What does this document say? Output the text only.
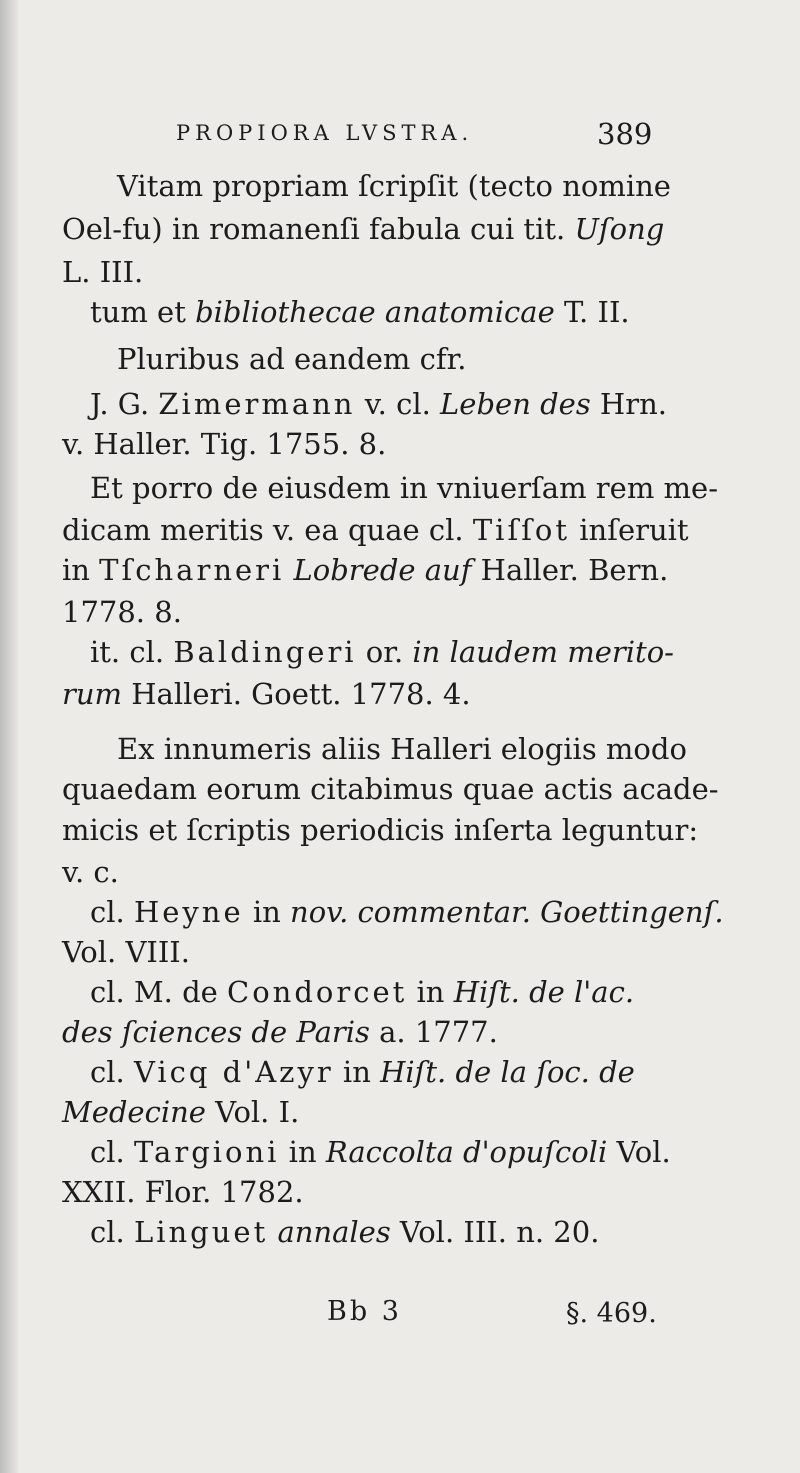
PROPIORA LVSTRA.	389
Vitam propriam ſcripſit (tecto nomine
Oel-fu) in romanenſi fabula cui tit. Uſong
L. III.
tum et bibliothecae anatomicae T. II.
Pluribus ad eandem cfr.
J. G. Zimermann v. cl. Leben des Hrn.
v. Haller. Tig. 1755. 8.
Et porro de eiusdem in vniuerſam rem me-
dicam meritis v. ea quae cl. Tiſſot inſeruit
in Tſcharneri Lobrede auf Haller. Bern.
1778. 8.
it. cl. Baldingeri or. in laudem merito-
rum Halleri. Goett. 1778. 4.
Ex innumeris aliis Halleri elogiis modo
quaedam eorum citabimus quae actis acade-
micis et ſcriptis periodicis inſerta leguntur:
v. c.
cl. Heyne in nov. commentar. Goettingenſ.
Vol. VIII.
cl. M. de Condorcet in Hiſt. de l'ac.
des ſciences de Paris a. 1777.
cl. Vicq d'Azyr in Hiſt. de la ſoc. de
Medecine Vol. I.
cl. Targioni in Raccolta d'opuſcoli Vol.
XXII. Flor. 1782.
cl. Linguet annales Vol. III. n. 20.
Bb 3	§. 469.
